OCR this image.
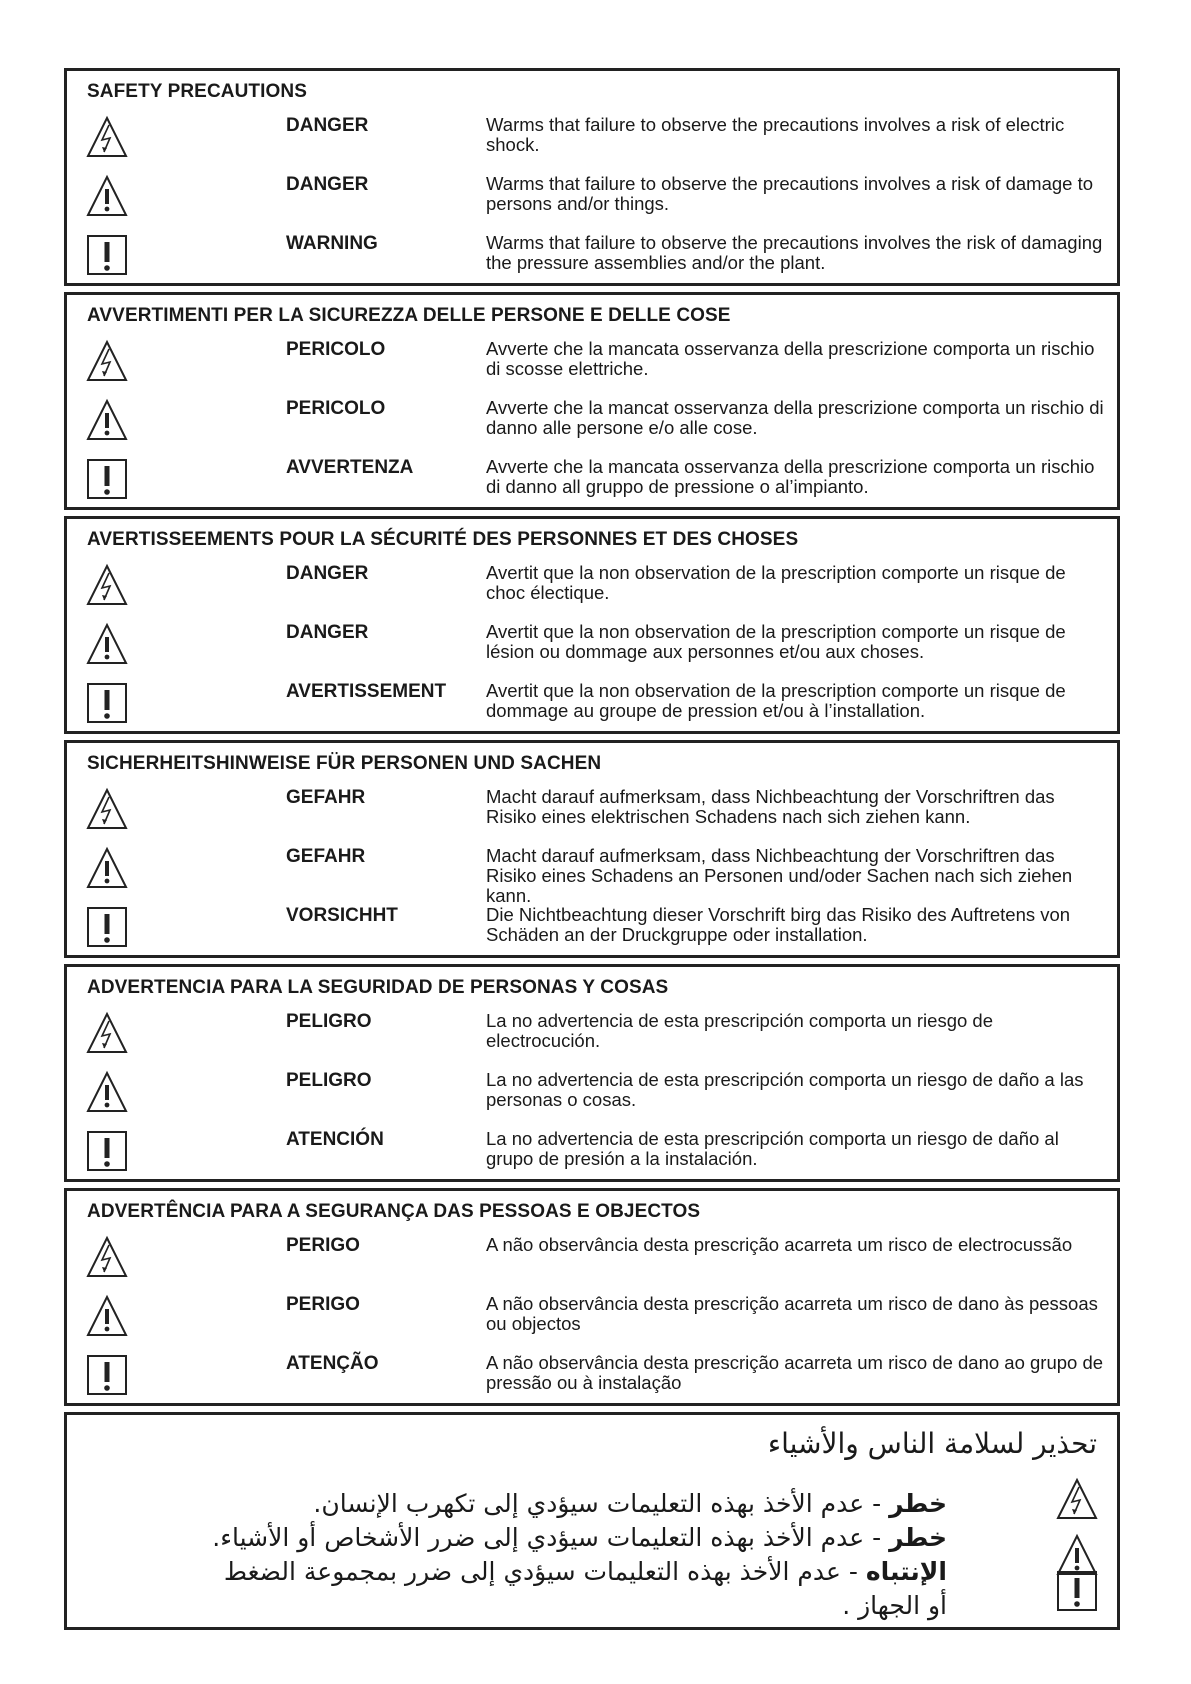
SAFETY PRECAUTIONS
DANGER	Warms that failure to observe the precautions involves a risk of electric shock.
DANGER	Warms that failure to observe the precautions involves a risk of damage to persons and/or things.
WARNING	Warms that failure to observe the precautions involves the risk of damaging the pressure assemblies and/or the plant.
AVVERTIMENTI PER LA SICUREZZA DELLE PERSONE E DELLE COSE
PERICOLO	Avverte che la mancata osservanza della prescrizione comporta un rischio di scosse elettriche.
PERICOLO	Avverte che la mancat osservanza della prescrizione comporta un rischio di danno alle persone e/o alle cose.
AVVERTENZA	Avverte che la mancata osservanza della prescrizione comporta un rischio di danno all gruppo de pressione o al’impianto.
AVERTISSEEMENTS POUR LA SÉCURITÉ DES PERSONNES ET DES CHOSES
DANGER	Avertit que la non observation de la prescription comporte un risque de choc électique.
DANGER	Avertit que la non observation de la prescription comporte un risque de lésion ou dommage aux personnes et/ou aux choses.
AVERTISSEMENT Avertit que la non observation de la prescription comporte un risque de dommage au groupe de pression et/ou à l’installation.
SICHERHEITSHINWEISE FÜR PERSONEN UND SACHEN
GEFAHR	Macht darauf aufmerksam, dass Nichbeachtung der Vorschriftren das Risiko eines elektrischen Schadens nach sich ziehen kann.
GEFAHR	Macht darauf aufmerksam, dass Nichbeachtung der Vorschriftren das Risiko eines Schadens an Personen und/oder Sachen nach sich ziehen kann.
VORSICHHT	Die Nichtbeachtung dieser Vorschrift birg das Risiko des Auftretens von Schäden an der Druckgruppe oder installation.
ADVERTENCIA PARA LA SEGURIDAD DE PERSONAS Y COSAS
PELIGRO	La no advertencia de esta prescripción comporta un riesgo de electrocución.
PELIGRO	La no advertencia de esta prescripción comporta un riesgo de daño a las personas o cosas.
ATENCIÓN	La no advertencia de esta prescripción comporta un riesgo de daño al grupo de presión a la instalación.
ADVERTÊNCIA PARA A SEGURANÇA DAS PESSOAS E OBJECTOS
PERIGO	A não observância desta prescrição acarreta um risco de electrocussão
PERIGO	A não observância desta prescrição acarreta um risco de dano às pessoas ou objectos
ATENÇÃO	A não observância desta prescrição acarreta um risco de dano ao grupo de pressão ou à instalação
تحذير لسلامة الناس والأشياء
خطر - عدم الأخذ بهذه التعليمات سيؤدي إلى تكهرب الإنسان.
خطر - عدم الأخذ بهذه التعليمات سيؤدي إلى ضرر الأشخاص أو الأشياء.
الإنتباه - عدم الأخذ بهذه التعليمات سيؤدي إلى ضرر بمجموعة الضغط أو الجهاز .
